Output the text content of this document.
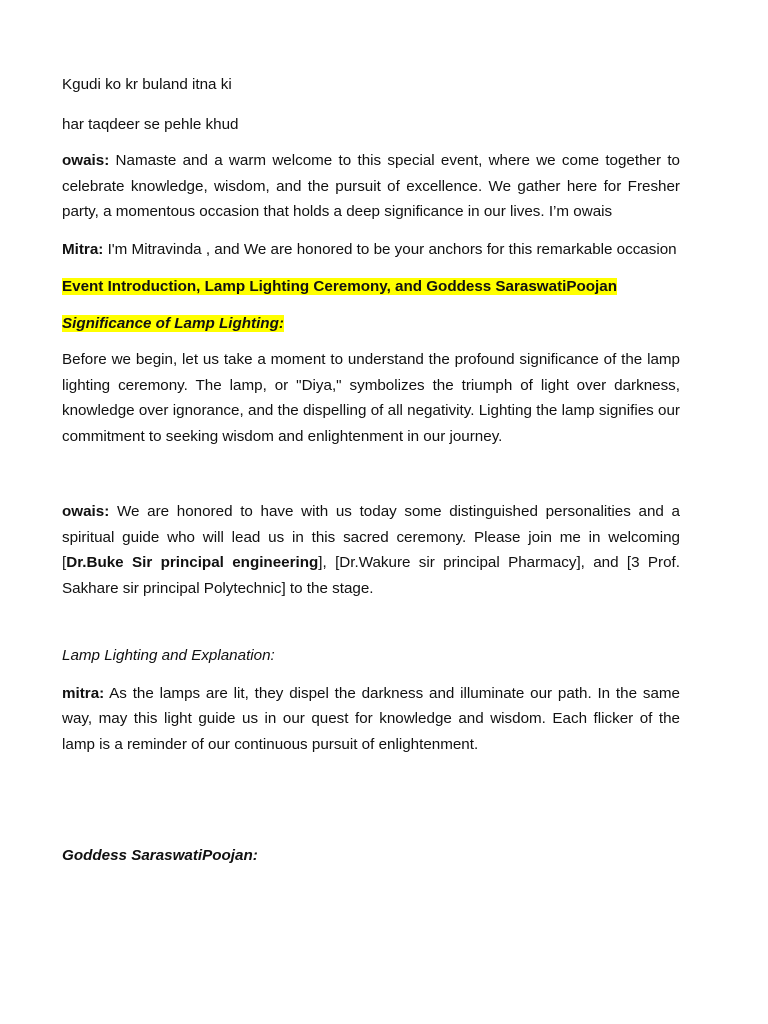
Kgudi ko kr buland itna ki

har taqdeer se pehle khud

owais: Namaste and a warm welcome to this special event, where we come together to celebrate knowledge, wisdom, and the pursuit of excellence. We gather here for Fresher party, a momentous occasion that holds a deep significance in our lives. I’m owais

Mitra: I'm Mitravinda , and We are honored to be your anchors for this remarkable occasion

Event Introduction, Lamp Lighting Ceremony, and Goddess SaraswatiPoojan

Significance of Lamp Lighting:

Before we begin, let us take a moment to understand the profound significance of the lamp lighting ceremony. The lamp, or "Diya," symbolizes the triumph of light over darkness, knowledge over ignorance, and the dispelling of all negativity. Lighting the lamp signifies our commitment to seeking wisdom and enlightenment in our journey.

owais: We are honored to have with us today some distinguished personalities and a spiritual guide who will lead us in this sacred ceremony. Please join me in welcoming [Dr.Buke Sir principal engineering], [Dr.Wakure sir principal Pharmacy], and [3 Prof. Sakhare sir principal Polytechnic] to the stage.

Lamp Lighting and Explanation:

mitra: As the lamps are lit, they dispel the darkness and illuminate our path. In the same way, may this light guide us in our quest for knowledge and wisdom. Each flicker of the lamp is a reminder of our continuous pursuit of enlightenment.

Goddess SaraswatiPoojan:
